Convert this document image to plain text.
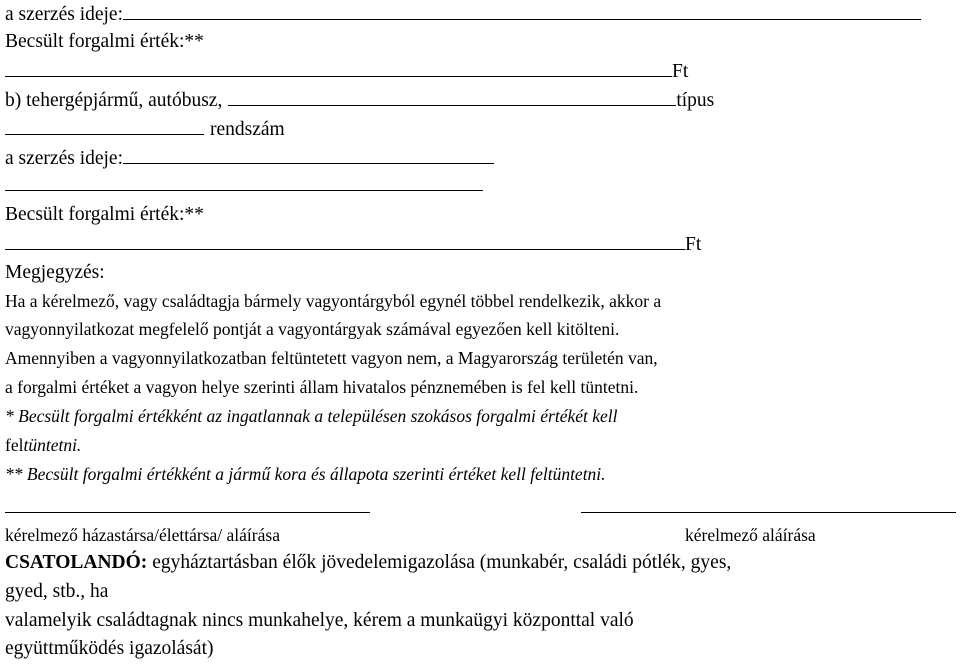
a szerzés ideje:
Becsült forgalmi érték:**
Ft
b) tehergépjármű, autóbusz,	típus
rendszám
a szerzés ideje:
Becsült forgalmi érték:**
Ft
Megjegyzés:
Ha a kérelmező, vagy családtagja bármely vagyontárgyból egynél többel rendelkezik, akkor a
vagyonnyilatkozat megfelelő pontját a vagyontárgyak számával egyezően kell kitölteni.
Amennyiben a vagyonnyilatkozatban feltüntetett vagyon nem, a Magyarország területén van,
a forgalmi értéket a vagyon helye szerinti állam hivatalos pénznemében is fel kell tüntetni.
* Becsült forgalmi értékként az ingatlannak a településen szokásos forgalmi értékét kell
feltüntetni.
** Becsült forgalmi értékként a jármű kora és állapota szerinti értéket kell feltüntetni.
kérelmező házastársa/élettársa/ aláírása	kérelmező aláírása
CSATOLANDÓ: egyháztartásban élők jövedelemigazolása (munkabér, családi pótlék, gyes,
gyed, stb., ha
valamelyik családtagnak nincs munkahelye, kérem a munkaügyi központtal való
együttműködés igazolását)
